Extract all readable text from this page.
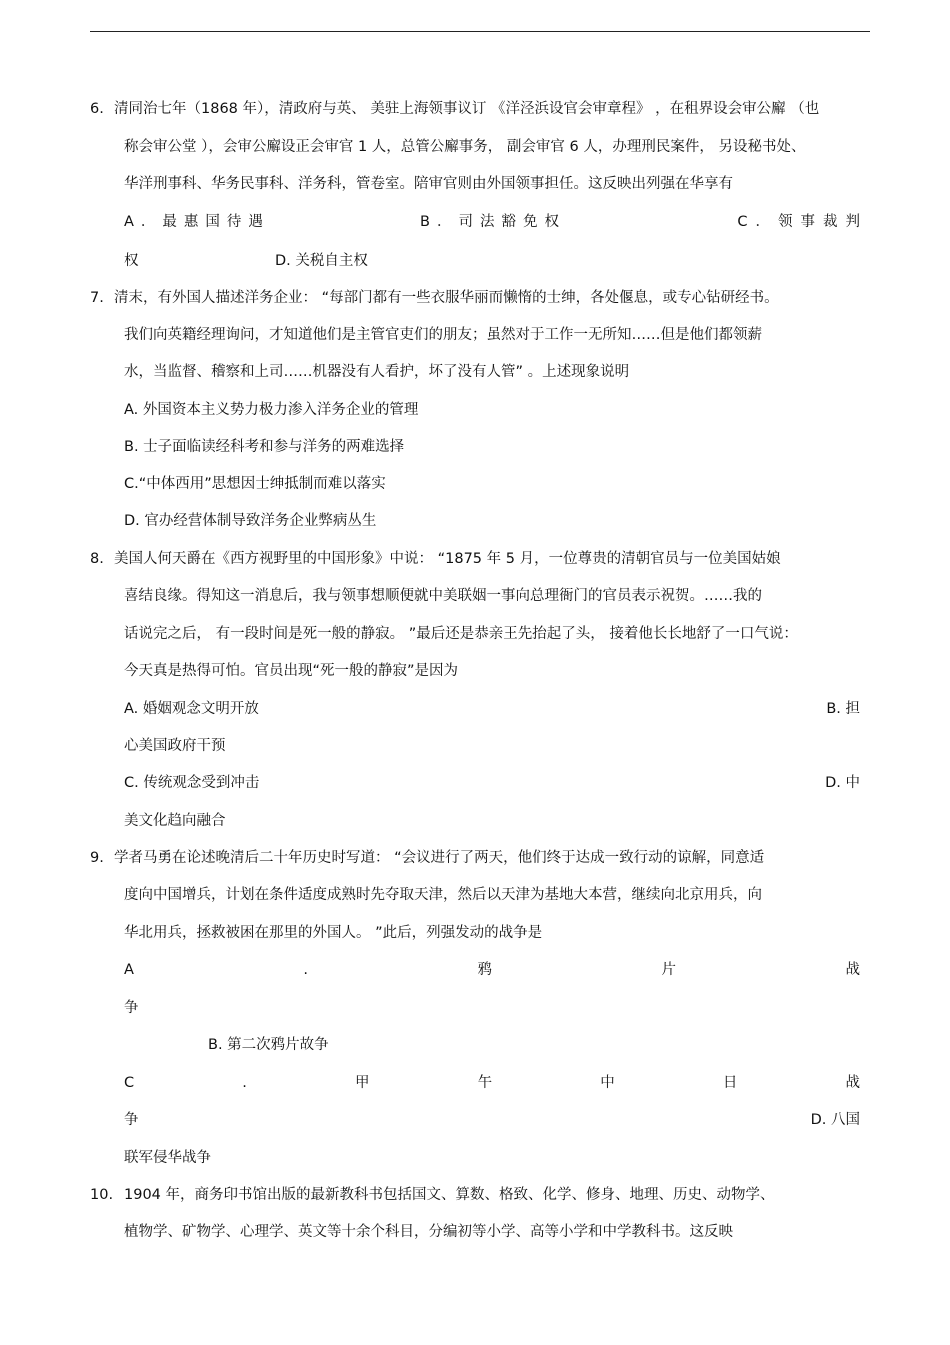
6. 清同治七年（1868 年），清政府与英、 美驻上海领事议订 《洋泾浜设官会审章程》 ，在租界设会审公廨 （也
称会审公堂 ），会审公廨设正会审官 1 人，总管公廨事务， 副会审官 6 人，办理刑民案件， 另设秘书处、
华洋刑事科、华务民事科、洋务科，管卷室。陪审官则由外国领事担任。这反映出列强在华享有
A．最惠国待遇	B．司法豁免权	C．领事裁判
权	D. 关税自主权
7. 清末，有外国人描述洋务企业： “每部门都有一些衣服华丽而懒惰的士绅，各处偃息，或专心钻研经书。
我们向英籍经理询问，才知道他们是主管官吏们的朋友；虽然对于工作一无所知……但是他们都领薪
水，当监督、稽察和上司……机器没有人看护，坏了没有人管” 。上述现象说明
A. 外国资本主义势力极力渗入洋务企业的管理
B. 士子面临读经科考和参与洋务的两难选择
C.“中体西用”思想因士绅抵制而难以落实
D. 官办经营体制导致洋务企业弊病丛生
8. 美国人何天爵在《西方视野里的中国形象》中说： “1875 年 5 月，一位尊贵的清朝官员与一位美国姑娘
喜结良缘。得知这一消息后，我与领事想顺便就中美联姻一事向总理衙门的官员表示祝贺。……我的
话说完之后， 有一段时间是死一般的静寂。 ”最后还是恭亲王先抬起了头， 接着他长长地舒了一口气说：
今天真是热得可怕。官员出现“死一般的静寂”是因为
A. 婚姻观念文明开放	B. 担
心美国政府干预
C. 传统观念受到冲击	D. 中
美文化趋向融合
9. 学者马勇在论述晚清后二十年历史时写道： “会议进行了两天，他们终于达成一致行动的谅解，同意适
度向中国增兵，计划在条件适度成熟时先夺取天津，然后以天津为基地大本营，继续向北京用兵，向
华北用兵，拯救被困在那里的外国人。 ”此后，列强发动的战争是
A	.	鸦	片	战
争
B. 第二次鸦片故争
C	.	甲	午	中	日	战
争	D. 八国
联军侵华战争
10. 1904 年，商务印书馆出版的最新教科书包括国文、算数、格致、化学、修身、地理、历史、动物学、
植物学、矿物学、心理学、英文等十余个科目，分编初等小学、高等小学和中学教科书。这反映
